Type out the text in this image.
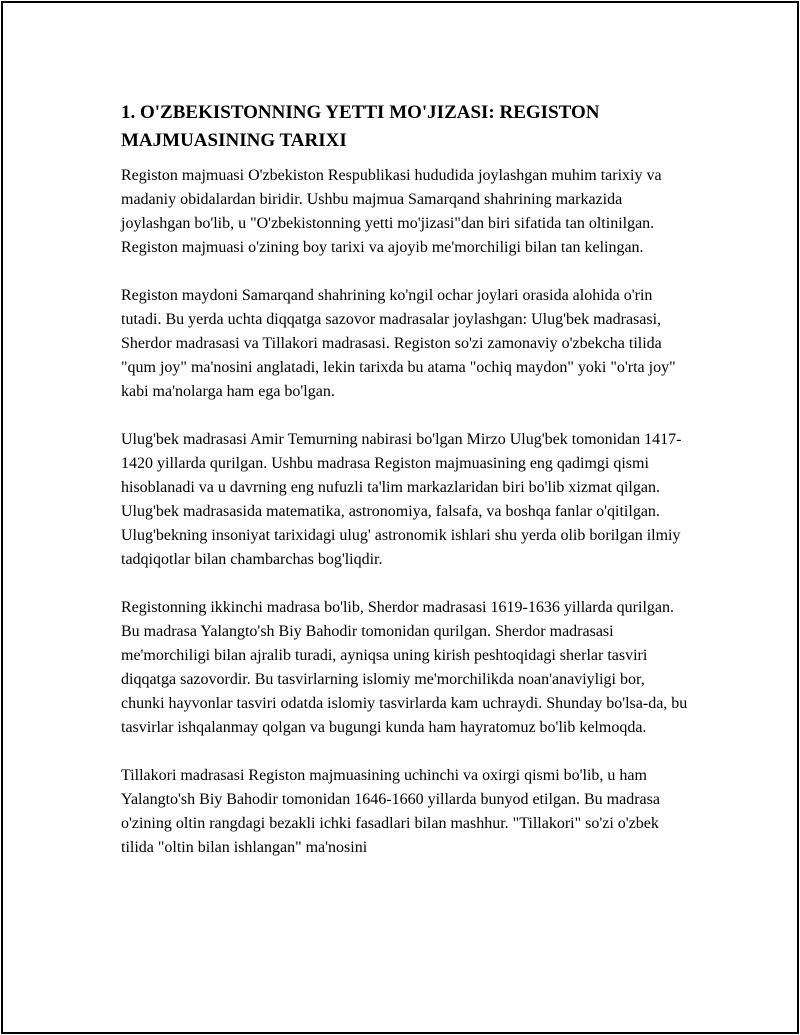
1. O'ZBEKISTONNING YETTI MO'JIZASI: REGISTON MAJMUASINING TARIXI

Registon majmuasi O'zbekiston Respublikasi hududida joylashgan muhim tarixiy va madaniy obidalardan biridir. Ushbu majmua Samarqand shahrining markazida joylashgan bo'lib, u "O'zbekistonning yetti mo'jizasi"dan biri sifatida tan oltinilgan. Registon majmuasi o'zining boy tarixi va ajoyib me'morchiligi bilan tan kelingan.

Registon maydoni Samarqand shahrining ko'ngil ochar joylari orasida alohida o'rin tutadi. Bu yerda uchta diqqatga sazovor madrasalar joylashgan: Ulug'bek madrasasi, Sherdor madrasasi va Tillakori madrasasi. Registon so'zi zamonaviy o'zbekcha tilida "qum joy" ma'nosini anglatadi, lekin tarixda bu atama "ochiq maydon" yoki "o'rta joy" kabi ma'nolarga ham ega bo'lgan.

Ulug'bek madrasasi Amir Temurning nabirasi bo'lgan Mirzo Ulug'bek tomonidan 1417-1420 yillarda qurilgan. Ushbu madrasa Registon majmuasining eng qadimgi qismi hisoblanadi va u davrning eng nufuzli ta'lim markazlaridan biri bo'lib xizmat qilgan. Ulug'bek madrasasida matematika, astronomiya, falsafa, va boshqa fanlar o'qitilgan. Ulug'bekning insoniyat tarixidagi ulug' astronomik ishlari shu yerda olib borilgan ilmiy tadqiqotlar bilan chambarchas bog'liqdir.

Registonning ikkinchi madrasa bo'lib, Sherdor madrasasi 1619-1636 yillarda qurilgan. Bu madrasa Yalangto'sh Biy Bahodir tomonidan qurilgan. Sherdor madrasasi me'morchiligi bilan ajralib turadi, ayniqsa uning kirish peshtoqidagi sherlar tasviri diqqatga sazovordir. Bu tasvirlarning islomiy me'morchilikda noan'anaviyligi bor, chunki hayvonlar tasviri odatda islomiy tasvirlarda kam uchraydi. Shunday bo'lsa-da, bu tasvirlar ishqalanmay qolgan va bugungi kunda ham hayratomuz bo'lib kelmoqda.

Tillakori madrasasi Registon majmuasining uchinchi va oxirgi qismi bo'lib, u ham Yalangto'sh Biy Bahodir tomonidan 1646-1660 yillarda bunyod etilgan. Bu madrasa o'zining oltin rangdagi bezakli ichki fasadlari bilan mashhur. "Tillakori" so'zi o'zbek tilida "oltin bilan ishlangan" ma'nosini
